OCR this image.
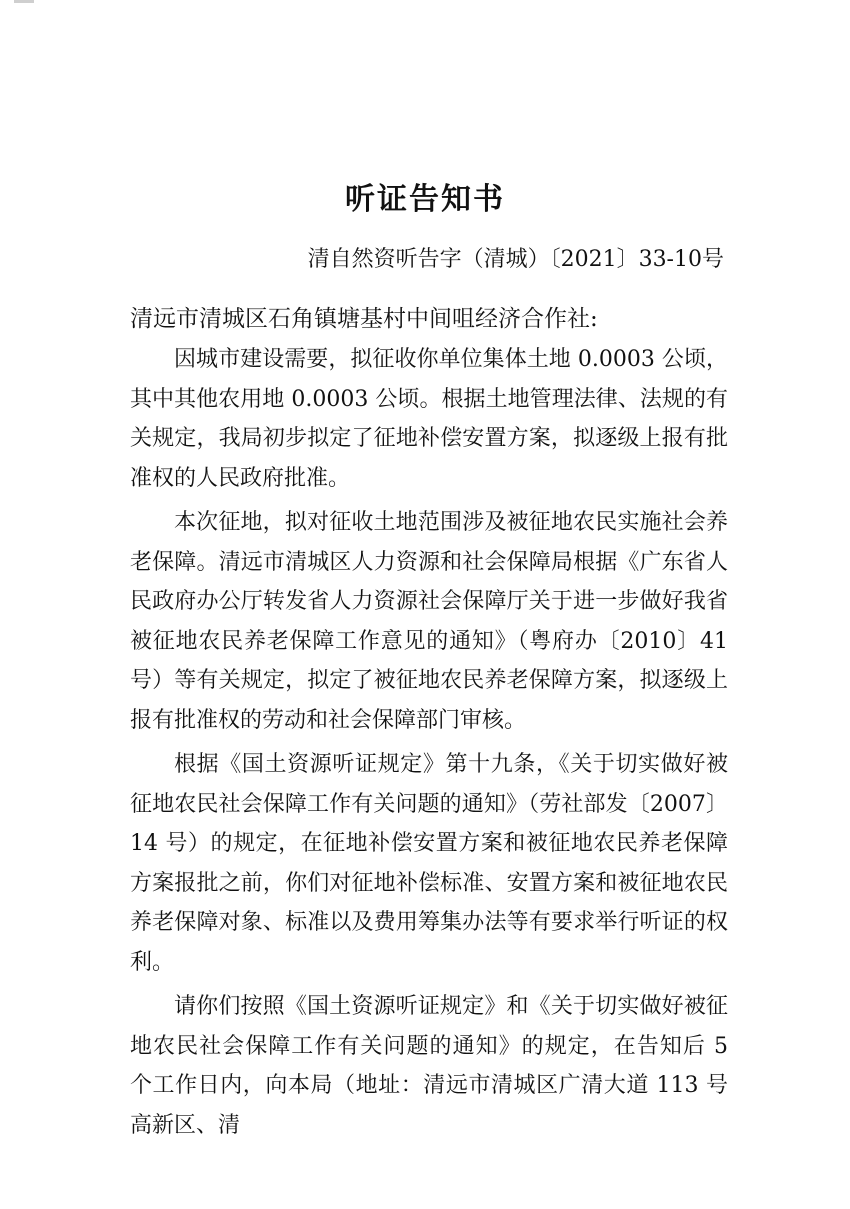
听证告知书
清自然资听告字（清城）〔2021〕33-10号
清远市清城区石角镇塘基村中间咀经济合作社:

因城市建设需要，拟征收你单位集体土地 0.0003 公顷，其中其他农用地 0.0003 公顷。根据土地管理法律、法规的有关规定，我局初步拟定了征地补偿安置方案，拟逐级上报有批准权的人民政府批准。

本次征地，拟对征收土地范围涉及被征地农民实施社会养老保障。清远市清城区人力资源和社会保障局根据《广东省人民政府办公厅转发省人力资源社会保障厅关于进一步做好我省被征地农民养老保障工作意见的通知》（粤府办〔2010〕41 号）等有关规定，拟定了被征地农民养老保障方案，拟逐级上报有批准权的劳动和社会保障部门审核。

根据《国土资源听证规定》第十九条，《关于切实做好被征地农民社会保障工作有关问题的通知》（劳社部发〔2007〕14 号）的规定，在征地补偿安置方案和被征地农民养老保障方案报批之前，你们对征地补偿标准、安置方案和被征地农民养老保障对象、标准以及费用筹集办法等有要求举行听证的权利。

请你们按照《国土资源听证规定》和《关于切实做好被征地农民社会保障工作有关问题的通知》的规定，在告知后 5 个工作日内，向本局（地址：清远市清城区广清大道 113 号高新区、清
